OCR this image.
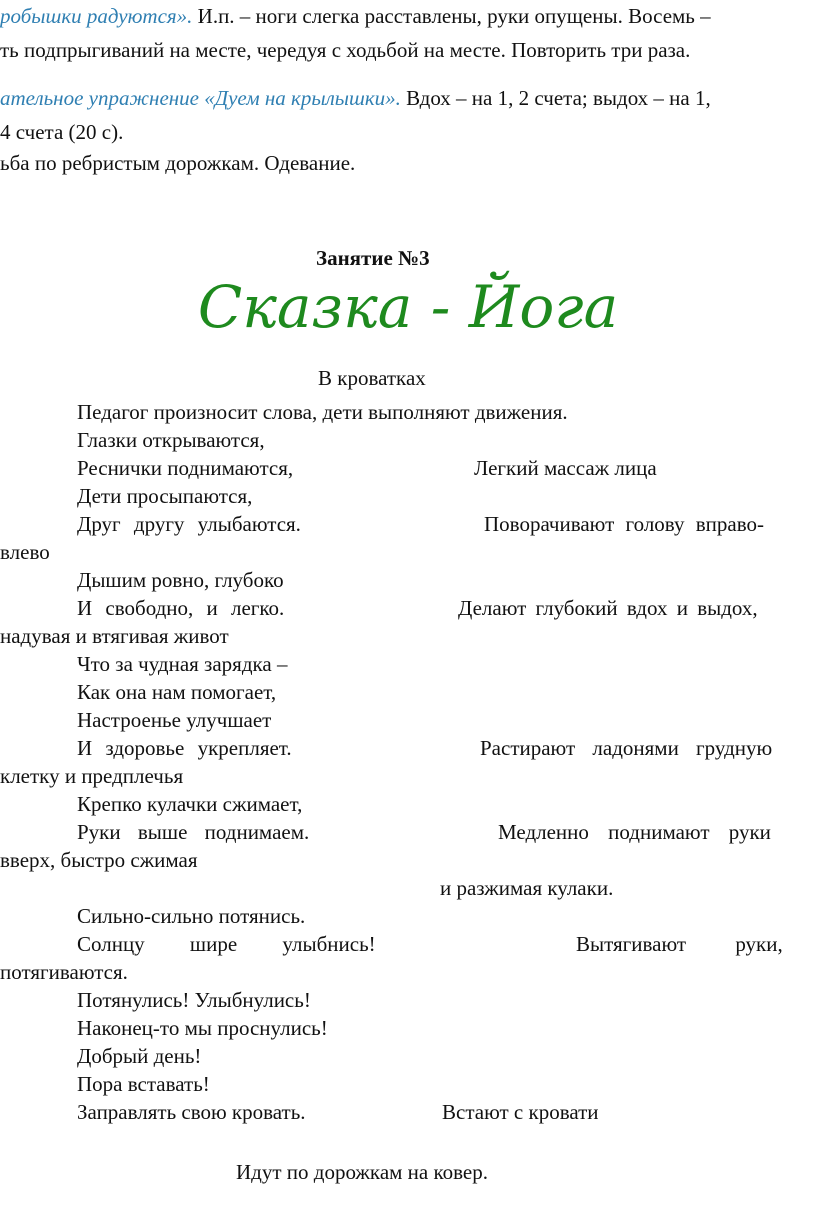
робышки радуются». И.п. – ноги слегка расставлены, руки опущены. Восемь –
ть подпрыгиваний на месте, чередуя с ходьбой на месте. Повторить три раза.
ательное упражнение «Дуем на крылышки». Вдох – на 1, 2 счета; выдох – на 1,
4 счета (20 с).
ьба по ребристым дорожкам. Одевание.
Занятие №3
Сказка - Йога
В кроватках
Педагог произносит слова, дети выполняют движения.
Глазки открываются,
Реснички поднимаются,	Легкий массаж лица
Дети просыпаются,
Друг другу улыбаются.	Поворачивают голову вправо-
влево
Дышим ровно, глубоко
И свободно, и легко.	Делают глубокий вдох и выдох,
надувая и втягивая живот
Что за чудная зарядка –
Как она нам помогает,
Настроенье улучшает
И здоровье укрепляет.	Растирают ладонями грудную
клетку и предплечья
Крепко кулачки сжимает,
Руки выше поднимаем.	Медленно поднимают руки
вверх, быстро сжимая
и разжимая кулаки.
Сильно-сильно потянись.
Солнцу шире улыбнись!	Вытягивают руки,
потягиваются.
Потянулись! Улыбнулись!
Наконец-то мы проснулись!
Добрый день!
Пора вставать!
Заправлять свою кровать.	Встают с кровати
Идут по дорожкам на ковер.
